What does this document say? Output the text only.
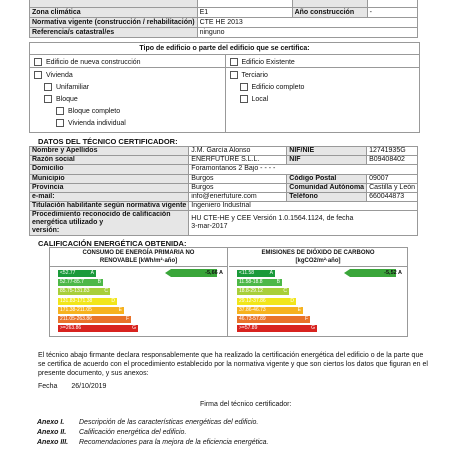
Zona climática	E1	Año construcción	-
Normativa vigente (construcción / rehabilitación)	CTE HE 2013		
Referencia/s catastral/es	ninguno		
Tipo de edificio o parte del edificio que se certifica:
Edificio de nueva construcción	Edificio Existente
Vivienda
Unifamiliar
Bloque
Bloque completo
Vivienda individual
Terciario
Edificio completo
Local
DATOS DEL TÉCNICO CERTIFICADOR:
Nombre y Apellidos	J.M. García Alonso	NIF/NIE	12741935G
Razón social	ENERFUTURE S.L.L.	NIF	B09408402
Domicilio	Foramontanos 2 Bajo - - - -		
Municipio	Burgos	Código Postal	09007
Provincia	Burgos	Comunidad Autónoma	Castilla y León
e-mail:	info@enerfuture.com	Teléfono	660044873
Titulación habilitante según normativa vigente	Ingeniero Industrial		
Procedimiento reconocido de calificación energética utilizado y
versión:	HU CTE-HE y CEE Versión 1.0.1564.1124, de fecha
3-mar-2017		
CALIFICACIÓN ENERGÉTICA OBTENIDA:
CONSUMO DE ENERGÍA PRIMARIA NO
RENOVABLE [kWh/m²·año]
<52.77	A
52.77-85.7	B
85.75-131.83	C
131.83-171.38	D
171.38-211.05	E
211.05-263.86	F
>=263.86	G
-5,66 A
EMISIONES DE DIÓXIDO DE CARBONO
[kgCO2/m²·año]
<11.58	A
11.58-18.8	B
18.8-29.12	C
29.12-37.86	D
37.86-46.73	E
46.73-57.89	F
>=57.89	G
-5,52 A
El técnico abajo firmante declara responsablemente que ha realizado la certificación energética del edificio o de la parte que se certifica de acuerdo con el procedimiento establecido por la normativa vigente y que son ciertos los datos que figuran en el presente documento, y sus anexos:
Fecha 26/10/2019
Firma del técnico certificador:
Anexo I. Descripción de las características energéticas del edificio.
Anexo II. Calificación energética del edificio.
Anexo III. Recomendaciones para la mejora de la eficiencia energética.
